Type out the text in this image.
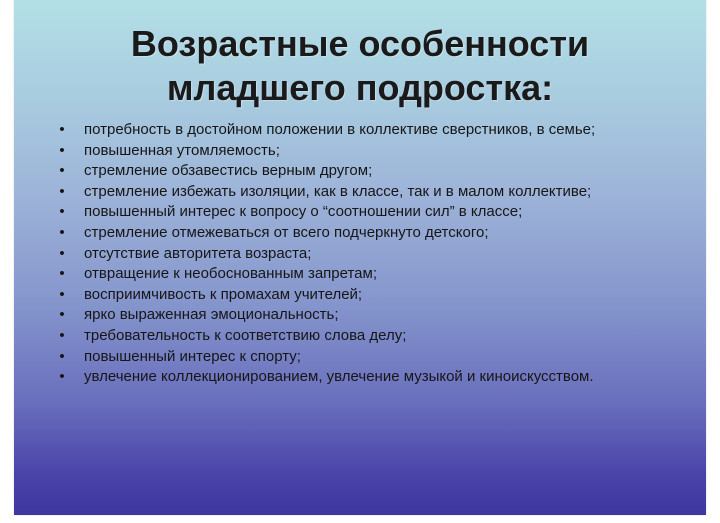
Возрастные особенности
младшего подростка:
• потребность в достойном положении в коллективе сверстников, в семье;
• повышенная утомляемость;
• стремление обзавестись верным другом;
• стремление избежать изоляции, как в классе, так и в малом коллективе;
• повышенный интерес к вопросу о “соотношении сил” в классе;
• стремление отмежеваться от всего подчеркнуто детского;
• отсутствие авторитета возраста;
• отвращение к необоснованным запретам;
• восприимчивость к промахам учителей;
• ярко выраженная эмоциональность;
• требовательность к соответствию слова делу;
• повышенный интерес к спорту;
• увлечение коллекционированием, увлечение музыкой и киноискусством.
